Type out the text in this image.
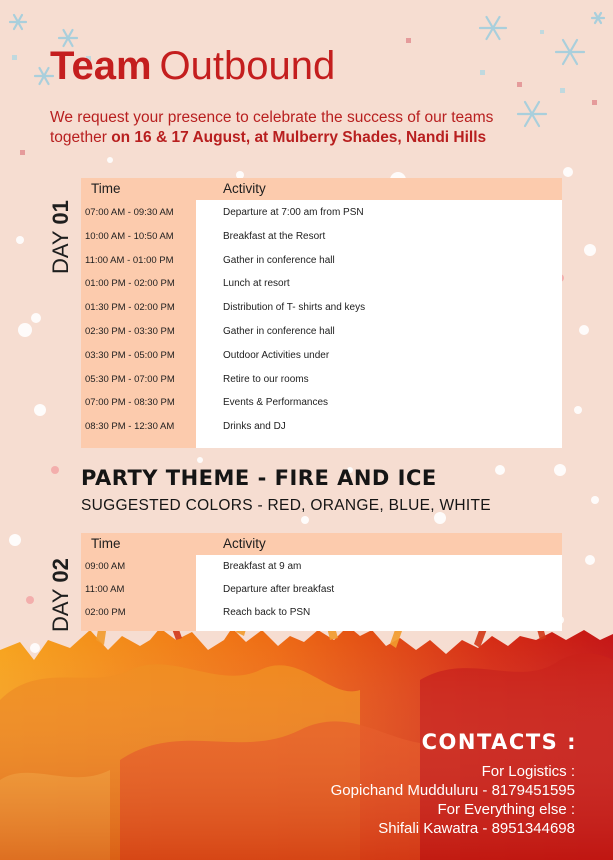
Team Outbound
We request your presence to celebrate the success of our teams together on 16 & 17 August, at Mulberry Shades, Nandi Hills
DAY 01
Time	Activity
07:00 AM - 09:30 AM	Departure at 7:00 am from PSN
10:00 AM - 10:50 AM	Breakfast at the Resort
11:00 AM - 01:00 PM	Gather in conference hall
01:00 PM - 02:00 PM	Lunch at resort
01:30 PM - 02:00 PM	Distribution of T- shirts and keys
02:30 PM - 03:30 PM	Gather in conference hall
03:30 PM - 05:00 PM	Outdoor Activities under
05:30 PM - 07:00 PM	Retire to our rooms
07:00 PM - 08:30 PM	Events & Performances
08:30 PM - 12:30 AM	Drinks and DJ
PARTY THEME - FIRE AND ICE
SUGGESTED COLORS - RED, ORANGE, BLUE, WHITE
DAY 02
Time	Activity
09:00 AM	Breakfast at 9 am
11:00 AM	Departure after breakfast
02:00 PM	Reach back to PSN
CONTACTS :
For Logistics :
Gopichand Mudduluru - 8179451595
For Everything else :
Shifali Kawatra - 8951344698
